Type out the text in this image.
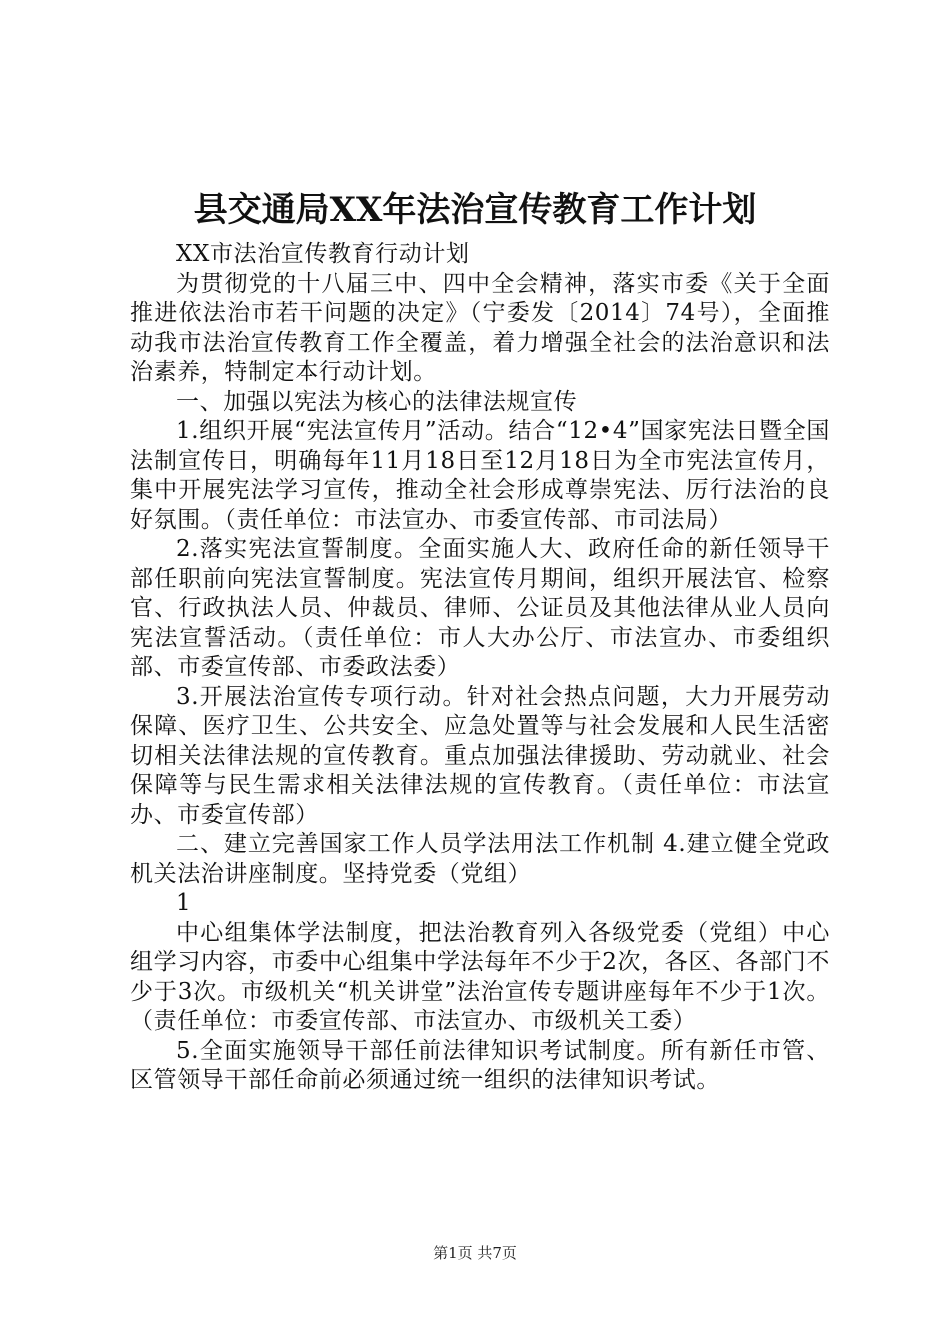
县交通局XX年法治宣传教育工作计划

XX市法治宣传教育行动计划

为贯彻党的十八届三中、四中全会精神，落实市委《关于全面推进依法治市若干问题的决定》（宁委发〔2014〕74号），全面推动我市法治宣传教育工作全覆盖，着力增强全社会的法治意识和法治素养，特制定本行动计划。

一、加强以宪法为核心的法律法规宣传

1.组织开展“宪法宣传月”活动。结合“12•4”国家宪法日暨全国法制宣传日，明确每年11月18日至12月18日为全市宪法宣传月，集中开展宪法学习宣传，推动全社会形成尊崇宪法、厉行法治的良好氛围。（责任单位：市法宣办、市委宣传部、市司法局）

2.落实宪法宣誓制度。全面实施人大、政府任命的新任领导干部任职前向宪法宣誓制度。宪法宣传月期间，组织开展法官、检察官、行政执法人员、仲裁员、律师、公证员及其他法律从业人员向宪法宣誓活动。（责任单位：市人大办公厅、市法宣办、市委组织部、市委宣传部、市委政法委）

3.开展法治宣传专项行动。针对社会热点问题，大力开展劳动保障、医疗卫生、公共安全、应急处置等与社会发展和人民生活密切相关法律法规的宣传教育。重点加强法律援助、劳动就业、社会保障等与民生需求相关法律法规的宣传教育。（责任单位：市法宣办、市委宣传部）

二、建立完善国家工作人员学法用法工作机制 4.建立健全党政机关法治讲座制度。坚持党委（党组）

1

中心组集体学法制度，把法治教育列入各级党委（党组）中心组学习内容，市委中心组集中学法每年不少于2次，各区、各部门不少于3次。市级机关“机关讲堂”法治宣传专题讲座每年不少于1次。（责任单位：市委宣传部、市法宣办、市级机关工委）

5.全面实施领导干部任前法律知识考试制度。所有新任市管、区管领导干部任命前必须通过统一组织的法律知识考试。

第1页 共7页
